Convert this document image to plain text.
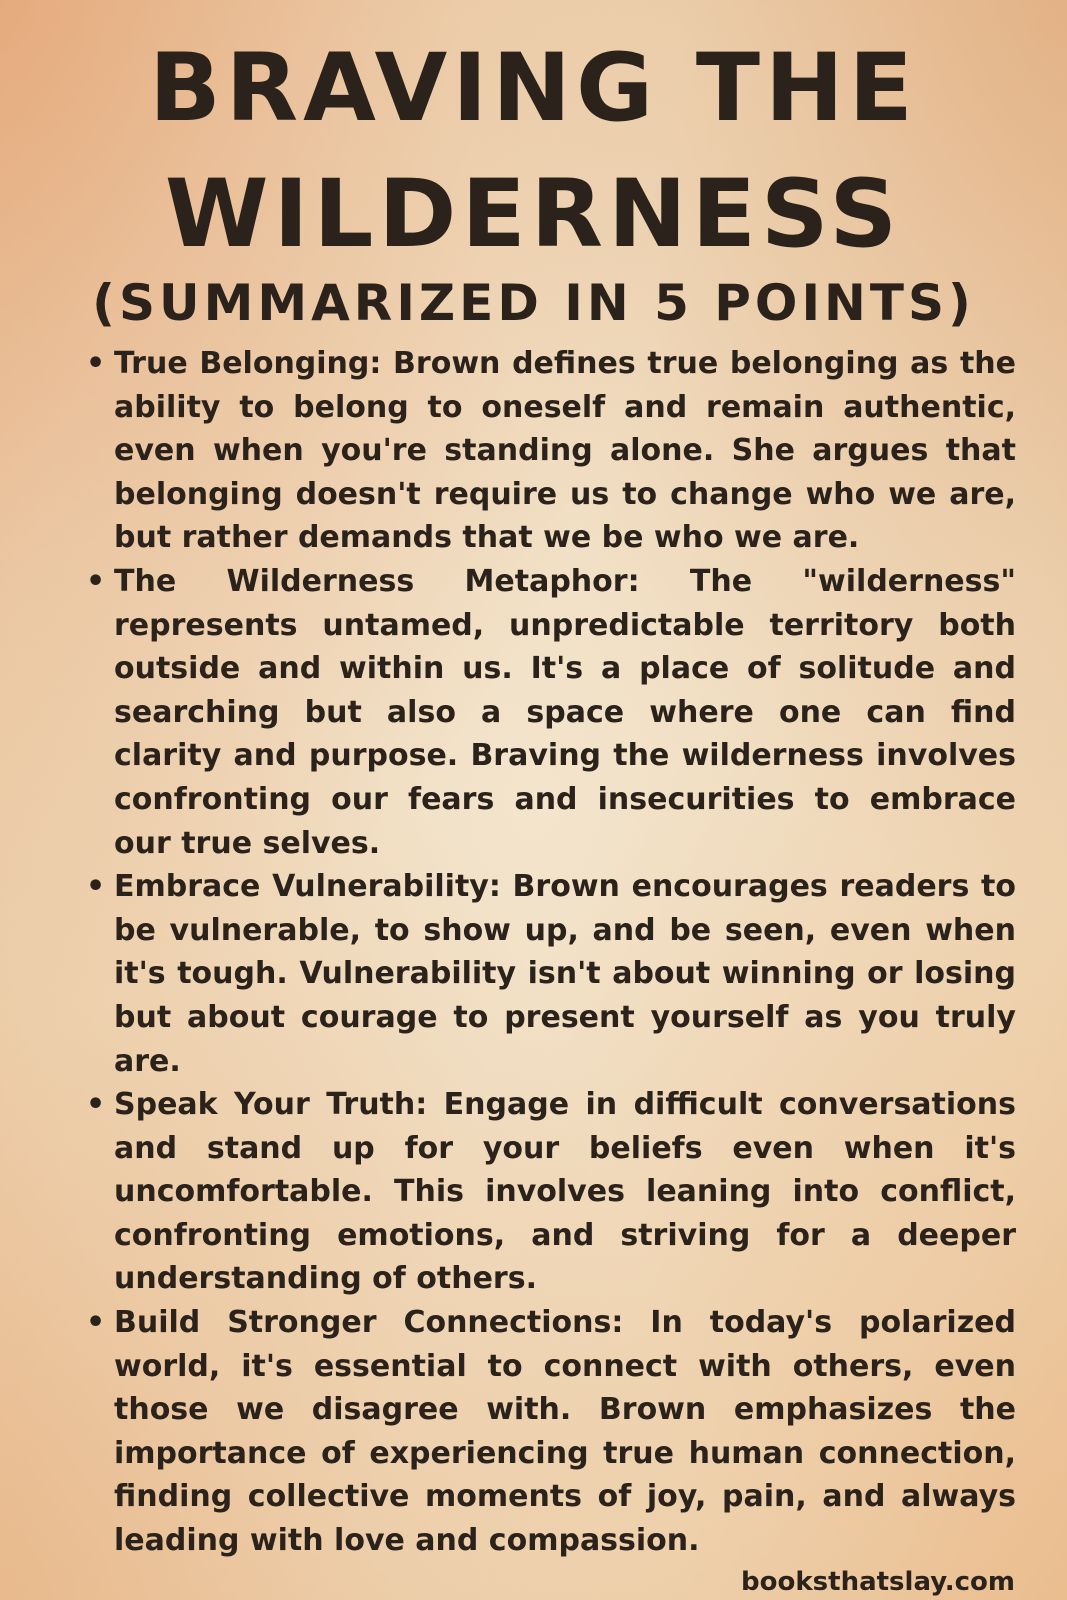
BRAVING THE WILDERNESS
(SUMMARIZED IN 5 POINTS)
• True Belonging: Brown defines true belonging as the ability to belong to oneself and remain authentic, even when you're standing alone. She argues that belonging doesn't require us to change who we are, but rather demands that we be who we are.
• The Wilderness Metaphor: The "wilderness" represents untamed, unpredictable territory both outside and within us. It's a place of solitude and searching but also a space where one can find clarity and purpose. Braving the wilderness involves confronting our fears and insecurities to embrace our true selves.
• Embrace Vulnerability: Brown encourages readers to be vulnerable, to show up, and be seen, even when it's tough. Vulnerability isn't about winning or losing but about courage to present yourself as you truly are.
• Speak Your Truth: Engage in difficult conversations and stand up for your beliefs even when it's uncomfortable. This involves leaning into conflict, confronting emotions, and striving for a deeper understanding of others.
• Build Stronger Connections: In today's polarized world, it's essential to connect with others, even those we disagree with. Brown emphasizes the importance of experiencing true human connection, finding collective moments of joy, pain, and always leading with love and compassion.

booksthatslay.com
